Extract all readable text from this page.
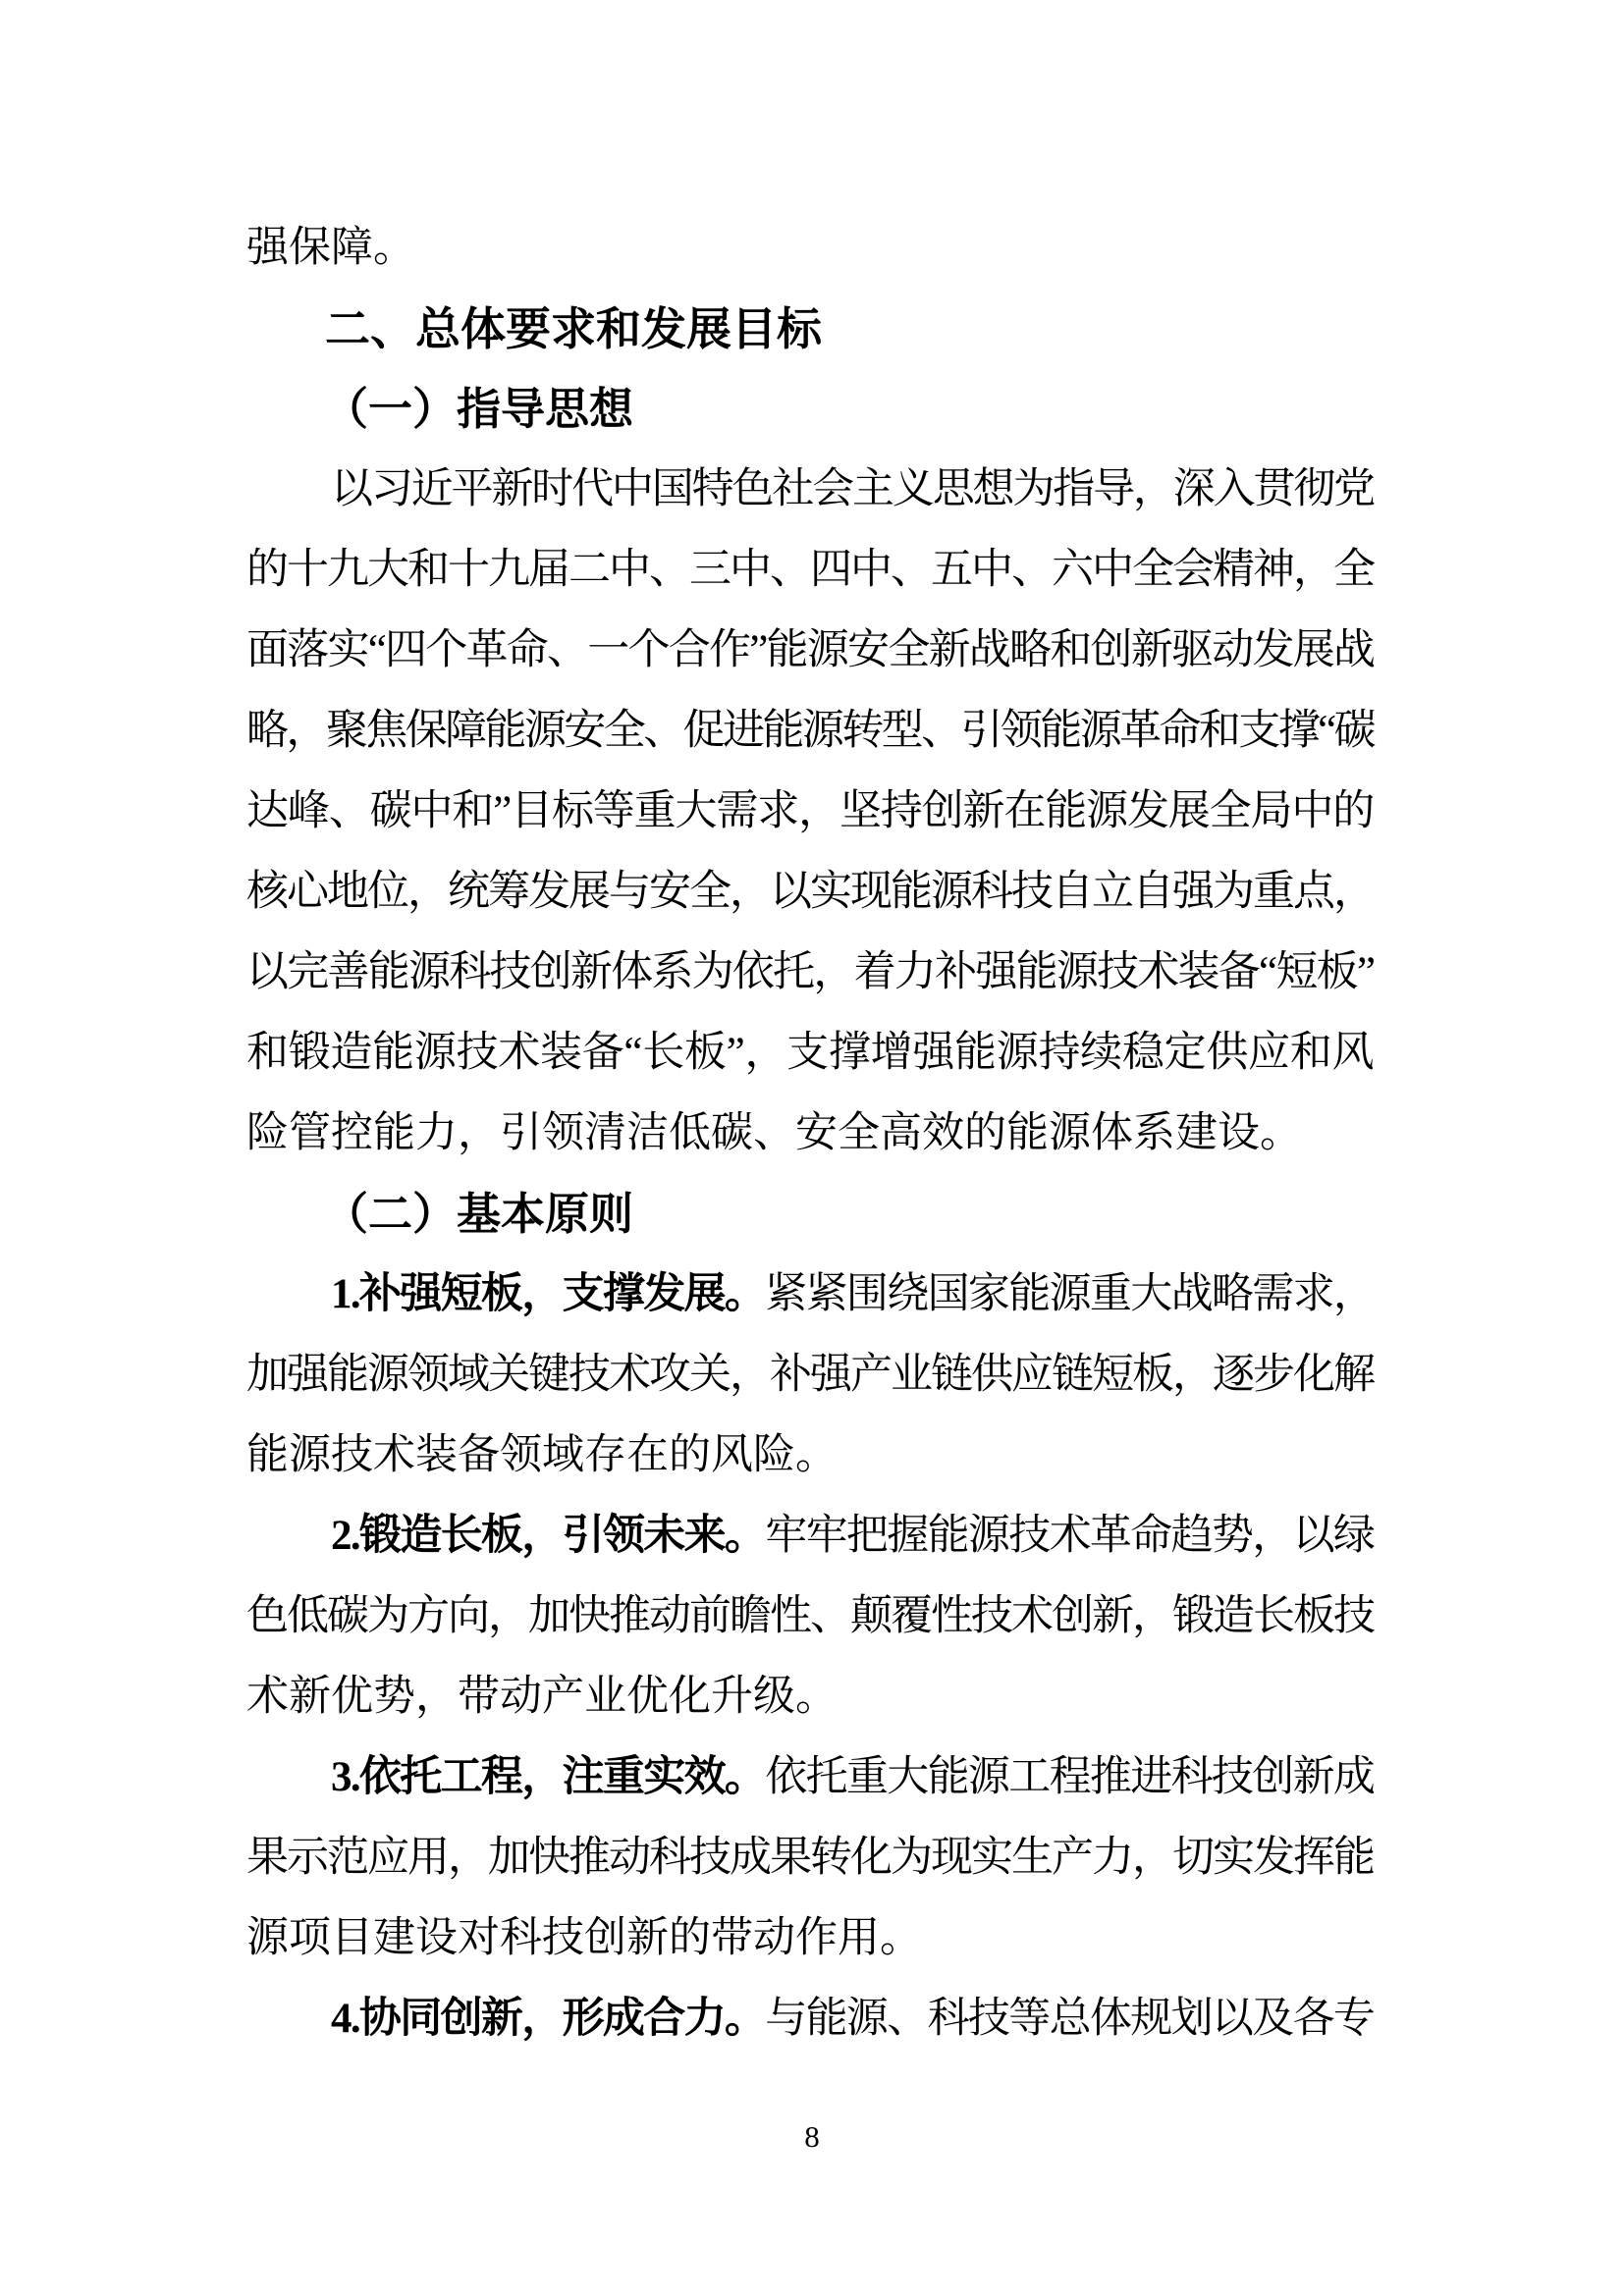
强保障。
二、总体要求和发展目标
（一）指导思想
以习近平新时代中国特色社会主义思想为指导，深入贯彻党
的十九大和十九届二中、三中、四中、五中、六中全会精神，全
面落实“四个革命、一个合作”能源安全新战略和创新驱动发展战
略，聚焦保障能源安全、促进能源转型、引领能源革命和支撑“碳
达峰、碳中和”目标等重大需求，坚持创新在能源发展全局中的
核心地位，统筹发展与安全，以实现能源科技自立自强为重点，
以完善能源科技创新体系为依托，着力补强能源技术装备“短板”
和锻造能源技术装备“长板”，支撑增强能源持续稳定供应和风
险管控能力，引领清洁低碳、安全高效的能源体系建设。
（二）基本原则
1.补强短板，支撑发展。紧紧围绕国家能源重大战略需求，
加强能源领域关键技术攻关，补强产业链供应链短板，逐步化解
能源技术装备领域存在的风险。
2.锻造长板，引领未来。牢牢把握能源技术革命趋势，以绿
色低碳为方向，加快推动前瞻性、颠覆性技术创新，锻造长板技
术新优势，带动产业优化升级。
3.依托工程，注重实效。依托重大能源工程推进科技创新成
果示范应用，加快推动科技成果转化为现实生产力，切实发挥能
源项目建设对科技创新的带动作用。
4.协同创新，形成合力。与能源、科技等总体规划以及各专
8
